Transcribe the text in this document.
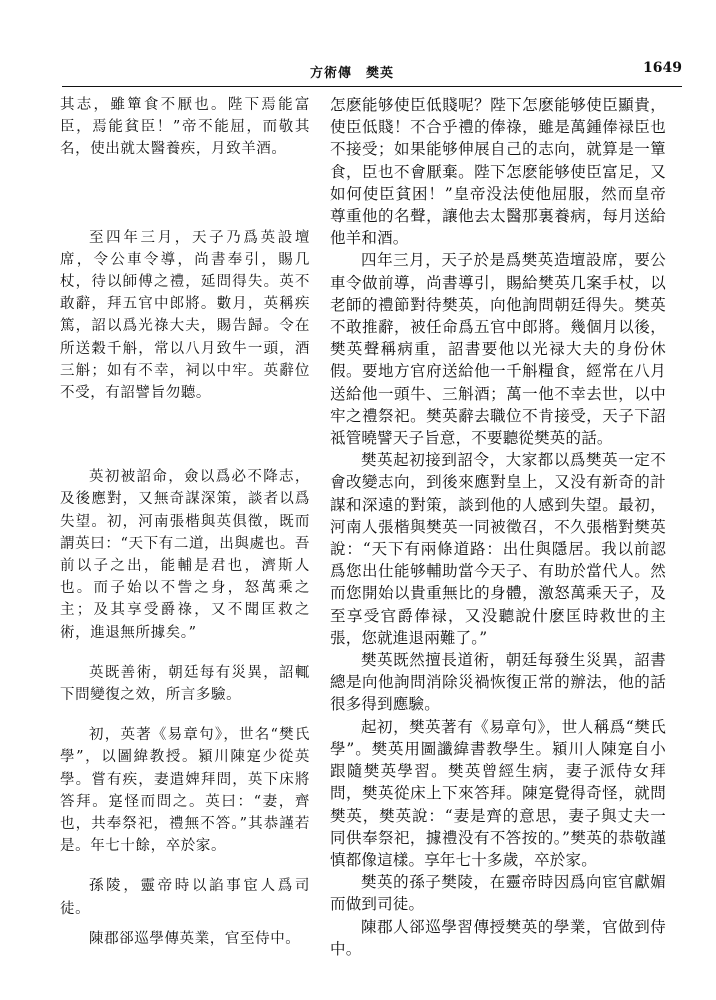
方術傳　樊英	1649

其志，雖簞食不厭也。陛下焉能富臣，焉能貧臣！”帝不能屈，而敬其名，使出就太醫養疾，月致羊酒。

至四年三月，天子乃爲英設壇席，令公車令導，尚書奉引，賜几杖，待以師傅之禮，延問得失。英不敢辭，拜五官中郎將。數月，英稱疾篤，詔以爲光祿大夫，賜告歸。令在所送穀千斛，常以八月致牛一頭，酒三斛；如有不幸，祠以中牢。英辭位不受，有詔譬旨勿聽。

英初被詔命，僉以爲必不降志，及後應對，又無奇謀深策，談者以爲失望。初，河南張楷與英俱徵，既而謂英曰：“天下有二道，出與處也。吾前以子之出，能輔是君也，濟斯人也。而子始以不訾之身，怒萬乘之主；及其享受爵祿，又不聞匡救之術，進退無所據矣。”

英既善術，朝廷每有災異，詔輒下問變復之效，所言多驗。

初，英著《易章句》，世名“樊氏學”，以圖緯教授。潁川陳寔少從英學。嘗有疾，妻遣婢拜問，英下床將答拜。寔怪而問之。英曰：“妻，齊也，共奉祭祀，禮無不答。”其恭謹若是。年七十餘，卒於家。

孫陵，靈帝時以諂事宦人爲司徒。

陳郡郤巡學傳英業，官至侍中。

怎麽能够使臣低賤呢？陛下怎麽能够使臣顯貴，使臣低賤！不合乎禮的俸祿，雖是萬鍾俸禄臣也不接受；如果能够伸展自己的志向，就算是一簞食，臣也不會厭棄。陛下怎麽能够使臣富足，又如何使臣貧困！”皇帝没法使他屈服，然而皇帝尊重他的名聲，讓他去太醫那裏養病，每月送給他羊和酒。

四年三月，天子於是爲樊英造壇設席，要公車令做前導，尚書導引，賜給樊英几案手杖，以老師的禮節對待樊英，向他詢問朝廷得失。樊英不敢推辭，被任命爲五官中郎將。幾個月以後，樊英聲稱病重，詔書要他以光禄大夫的身份休假。要地方官府送給他一千斛糧食，經常在八月送給他一頭牛、三斛酒；萬一他不幸去世，以中牢之禮祭祀。樊英辭去職位不肯接受，天子下詔祗管曉譬天子旨意，不要聽從樊英的話。

樊英起初接到詔令，大家都以爲樊英一定不會改變志向，到後來應對皇上，又没有新奇的計謀和深遠的對策，談到他的人感到失望。最初，河南人張楷與樊英一同被徵召，不久張楷對樊英說：“天下有兩條道路：出仕與隱居。我以前認爲您出仕能够輔助當今天子、有助於當代人。然而您開始以貴重無比的身體，激怒萬乘天子，及至享受官爵俸禄，又没聽說什麽匡時救世的主張，您就進退兩難了。”

樊英既然擅長道術，朝廷每發生災異，詔書總是向他詢問消除災禍恢復正常的辦法，他的話很多得到應驗。

起初，樊英著有《易章句》，世人稱爲“樊氏學”。樊英用圖讖緯書教學生。潁川人陳寔自小跟隨樊英學習。樊英曾經生病，妻子派侍女拜問，樊英從床上下來答拜。陳寔覺得奇怪，就問樊英，樊英說：“妻是齊的意思，妻子與丈夫一同供奉祭祀，據禮没有不答按的。”樊英的恭敬謹慎都像這樣。享年七十多歲，卒於家。

樊英的孫子樊陵，在靈帝時因爲向宦官獻媚而做到司徒。

陳郡人郤巡學習傳授樊英的學業，官做到侍中。
